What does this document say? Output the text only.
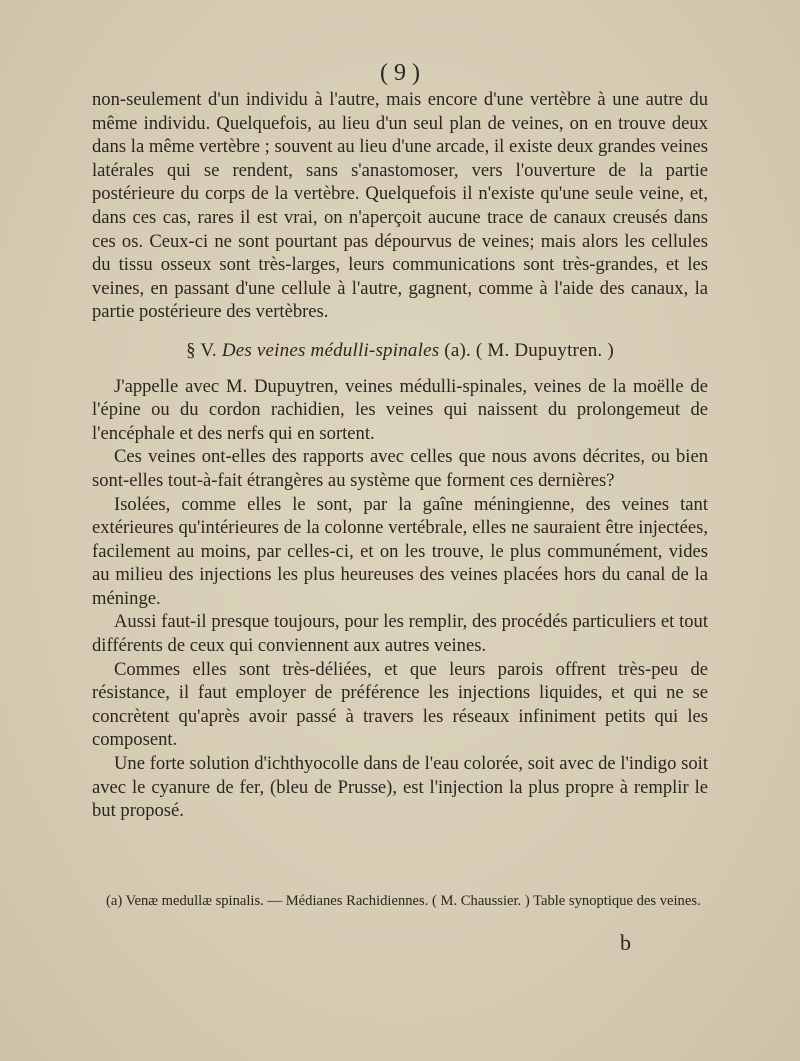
( 9 )

non-seulement d'un individu à l'autre, mais encore d'une vertèbre à une autre du même individu. Quelquefois, au lieu d'un seul plan de veines, on en trouve deux dans la même vertèbre ; souvent au lieu d'une arcade, il existe deux grandes veines latérales qui se rendent, sans s'anastomoser, vers l'ouverture de la partie postérieure du corps de la vertèbre. Quelquefois il n'existe qu'une seule veine, et, dans ces cas, rares il est vrai, on n'aperçoit aucune trace de canaux creusés dans ces os. Ceux-ci ne sont pourtant pas dépourvus de veines; mais alors les cellules du tissu osseux sont très-larges, leurs communications sont très-grandes, et les veines, en passant d'une cellule à l'autre, gagnent, comme à l'aide des canaux, la partie postérieure des vertèbres.

§ V. Des veines médulli-spinales (a). ( M. Dupuytren. )

J'appelle avec M. Dupuytren, veines médulli-spinales, veines de la moëlle de l'épine ou du cordon rachidien, les veines qui naissent du prolongemeut de l'encéphale et des nerfs qui en sortent.

Ces veines ont-elles des rapports avec celles que nous avons décrites, ou bien sont-elles tout-à-fait étrangères au système que forment ces dernières?

Isolées, comme elles le sont, par la gaîne méningienne, des veines tant extérieures qu'intérieures de la colonne vertébrale, elles ne sauraient être injectées, facilement au moins, par celles-ci, et on les trouve, le plus communément, vides au milieu des injections les plus heureuses des veines placées hors du canal de la méninge.

Aussi faut-il presque toujours, pour les remplir, des procédés particuliers et tout différents de ceux qui conviennent aux autres veines.

Commes elles sont très-déliées, et que leurs parois offrent très-peu de résistance, il faut employer de préférence les injections liquides, et qui ne se concrètent qu'après avoir passé à travers les réseaux infiniment petits qui les composent.

Une forte solution d'ichthyocolle dans de l'eau colorée, soit avec de l'indigo soit avec le cyanure de fer, (bleu de Prusse), est l'injection la plus propre à remplir le but proposé.

(a) Venæ medullæ spinalis. — Médianes Rachidiennes. ( M. Chaussier. ) Table synoptique des veines.
b
